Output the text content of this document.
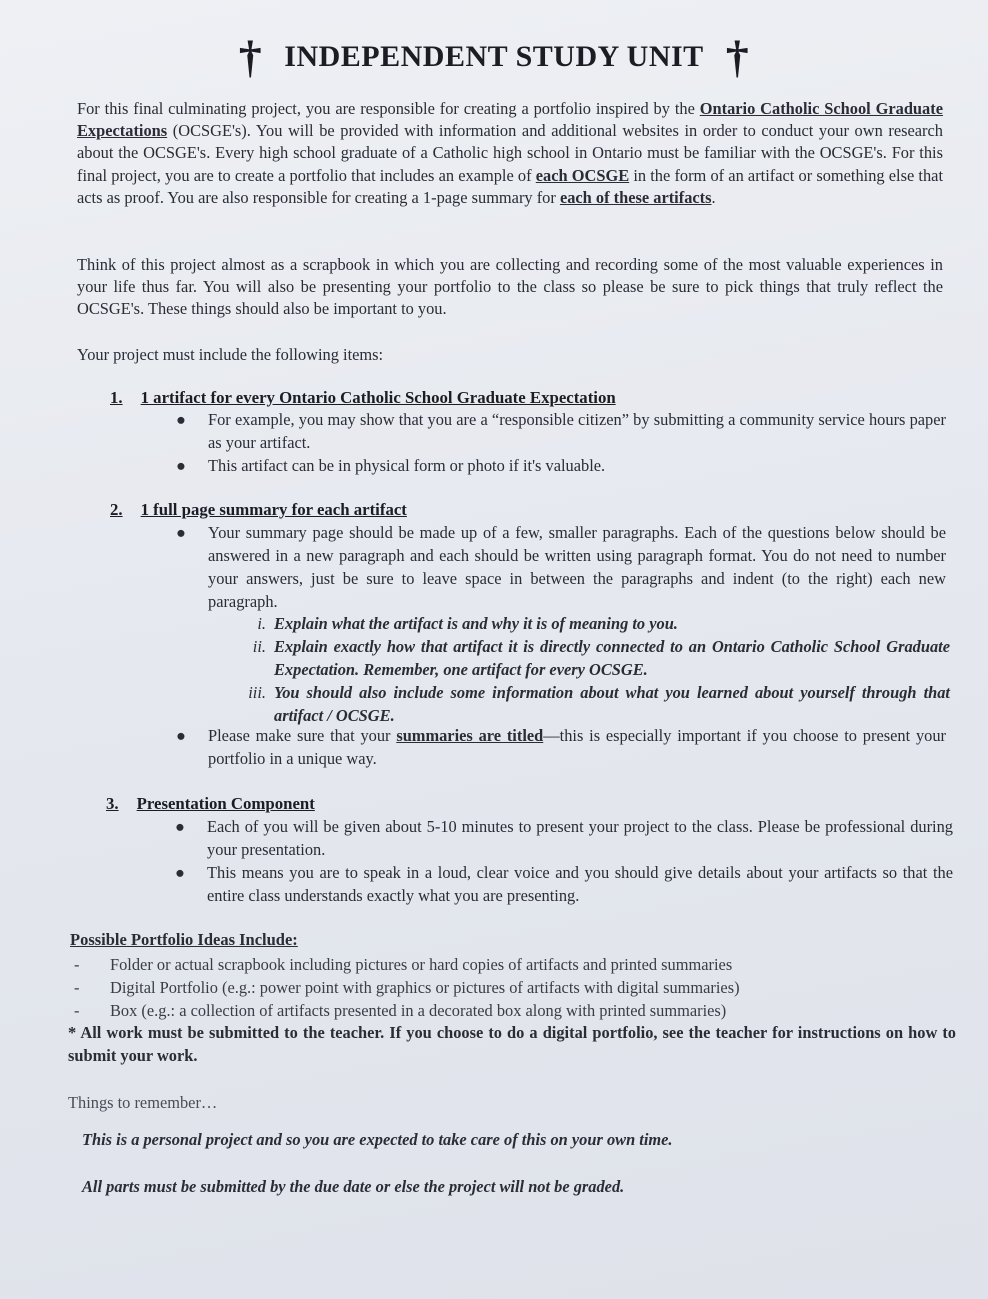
† INDEPENDENT STUDY UNIT †

For this final culminating project, you are responsible for creating a portfolio inspired by the Ontario Catholic School Graduate Expectations (OCSGE's). You will be provided with information and additional websites in order to conduct your own research about the OCSGE's. Every high school graduate of a Catholic high school in Ontario must be familiar with the OCSGE's. For this final project, you are to create a portfolio that includes an example of each OCSGE in the form of an artifact or something else that acts as proof. You are also responsible for creating a 1-page summary for each of these artifacts.

Think of this project almost as a scrapbook in which you are collecting and recording some of the most valuable experiences in your life thus far. You will also be presenting your portfolio to the class so please be sure to pick things that truly reflect the OCSGE's. These things should also be important to you.

Your project must include the following items:

1. 1 artifact for every Ontario Catholic School Graduate Expectation
● For example, you may show that you are a “responsible citizen” by submitting a community service hours paper as your artifact.
● This artifact can be in physical form or photo if it's valuable.
2. 1 full page summary for each artifact
● Your summary page should be made up of a few, smaller paragraphs. Each of the questions below should be answered in a new paragraph and each should be written using paragraph format. You do not need to number your answers, just be sure to leave space in between the paragraphs and indent (to the right) each new paragraph.
i. Explain what the artifact is and why it is of meaning to you.
ii. Explain exactly how that artifact it is directly connected to an Ontario Catholic School Graduate Expectation. Remember, one artifact for every OCSGE.
iii. You should also include some information about what you learned about yourself through that artifact / OCSGE.
● Please make sure that your summaries are titled—this is especially important if you choose to present your portfolio in a unique way.
3. Presentation Component
● Each of you will be given about 5-10 minutes to present your project to the class. Please be professional during your presentation.
● This means you are to speak in a loud, clear voice and you should give details about your artifacts so that the entire class understands exactly what you are presenting.
Possible Portfolio Ideas Include:
- Folder or actual scrapbook including pictures or hard copies of artifacts and printed summaries
- Digital Portfolio (e.g.: power point with graphics or pictures of artifacts with digital summaries)
- Box (e.g.: a collection of artifacts presented in a decorated box along with printed summaries)

* All work must be submitted to the teacher. If you choose to do a digital portfolio, see the teacher for instructions on how to submit your work.

Things to remember…

This is a personal project and so you are expected to take care of this on your own time.

All parts must be submitted by the due date or else the project will not be graded.
